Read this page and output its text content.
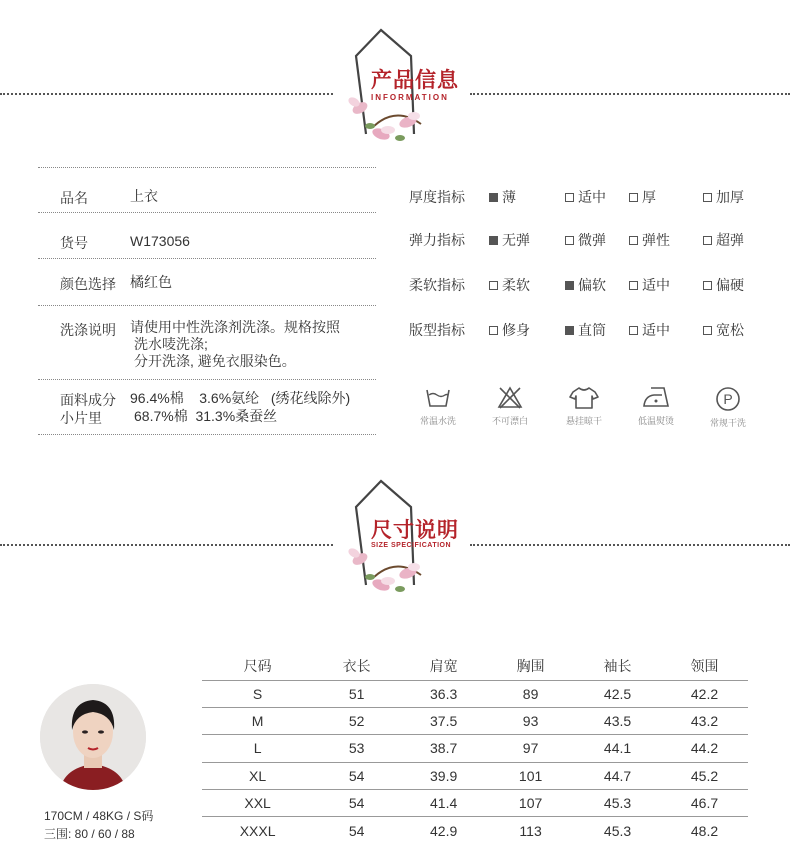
产品信息
INFORMATION
品名	上衣
货号	W173056
颜色选择 橘红色
洗涤说明 请使用中性洗涤剂洗涤。规格按照
洗水唛洗涤;
分开洗涤, 避免衣服染色。
面料成分 96.4%棉    3.6%氨纶   (绣花线除外)
小片里 68.7%棉  31.3%桑蚕丝
厚度指标	薄	适中	厚	加厚
弹力指标	无弹	微弹	弹性	超弹
柔软指标	柔软	偏软	适中	偏硬
版型指标	修身	直筒	适中	宽松
常温水洗	不可漂白	悬挂晾干	低温熨烫
P
常规干洗
尺寸说明
SIZE SPECIFICATION
170CM / 48KG / S码
三围: 80 / 60 / 88
尺码	衣长	肩宽	胸围	袖长	领围
S	51	36.3	89	42.5	42.2
M	52	37.5	93	43.5	43.2
L	53	38.7	97	44.1	44.2
XL	54	39.9	101	44.7	45.2
XXL	54	41.4	107	45.3	46.7
XXXL	54	42.9	113	45.3	48.2
